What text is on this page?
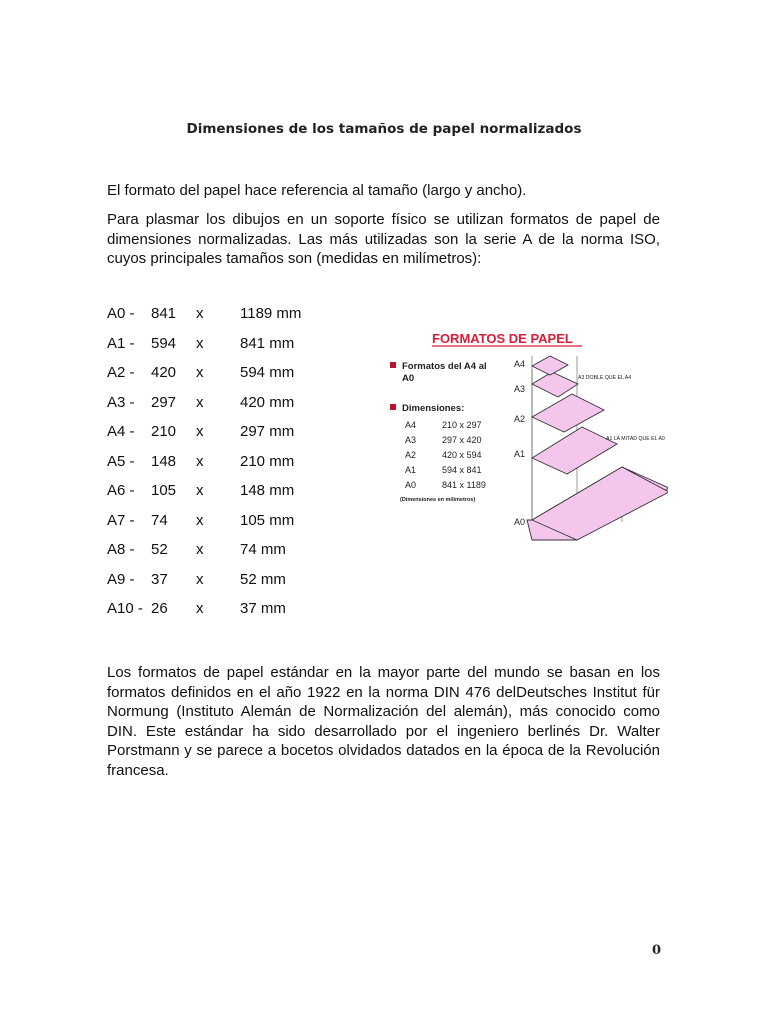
Dimensiones de los tamaños de papel normalizados

El formato del papel hace referencia al tamaño (largo y ancho).

Para plasmar los dibujos en un soporte físico se utilizan formatos de papel de dimensiones normalizadas. Las más utilizadas son la serie A de la norma ISO, cuyos principales tamaños son (medidas en milímetros):

A0 - 841 x 1189 mm
A1 - 594 x 841 mm
A2 - 420 x 594 mm
A3 - 297 x 420 mm
A4 - 210 x 297 mm
A5 - 148 x 210 mm
A6 - 105 x 148 mm
A7 - 74 x 105 mm
A8 - 52 x 74 mm
A9 - 37 x 52 mm
A10 - 26 x 37 mm
FORMATOS DE PAPEL
Formatos del A4 al
A0
Dimensiones:
A4	210 x 297
A3	297 x 420
A2	420 x 594
A1	594 x 841
A0	841 x 1189
(Dimensiones en milímetros)
A4
A3
A2
A1
A0
A3 DOBLE QUE EL A4
A1 LA MITAD QUE EL A0

Los formatos de papel estándar en la mayor parte del mundo se basan en los formatos definidos en el año 1922 en la norma DIN 476 delDeutsches Institut für Normung (Instituto Alemán de Normalización del alemán), más conocido como DIN. Este estándar ha sido desarrollado por el ingeniero berlinés Dr. Walter Porstmann y se parece a bocetos olvidados datados en la época de la Revolución francesa.

0
